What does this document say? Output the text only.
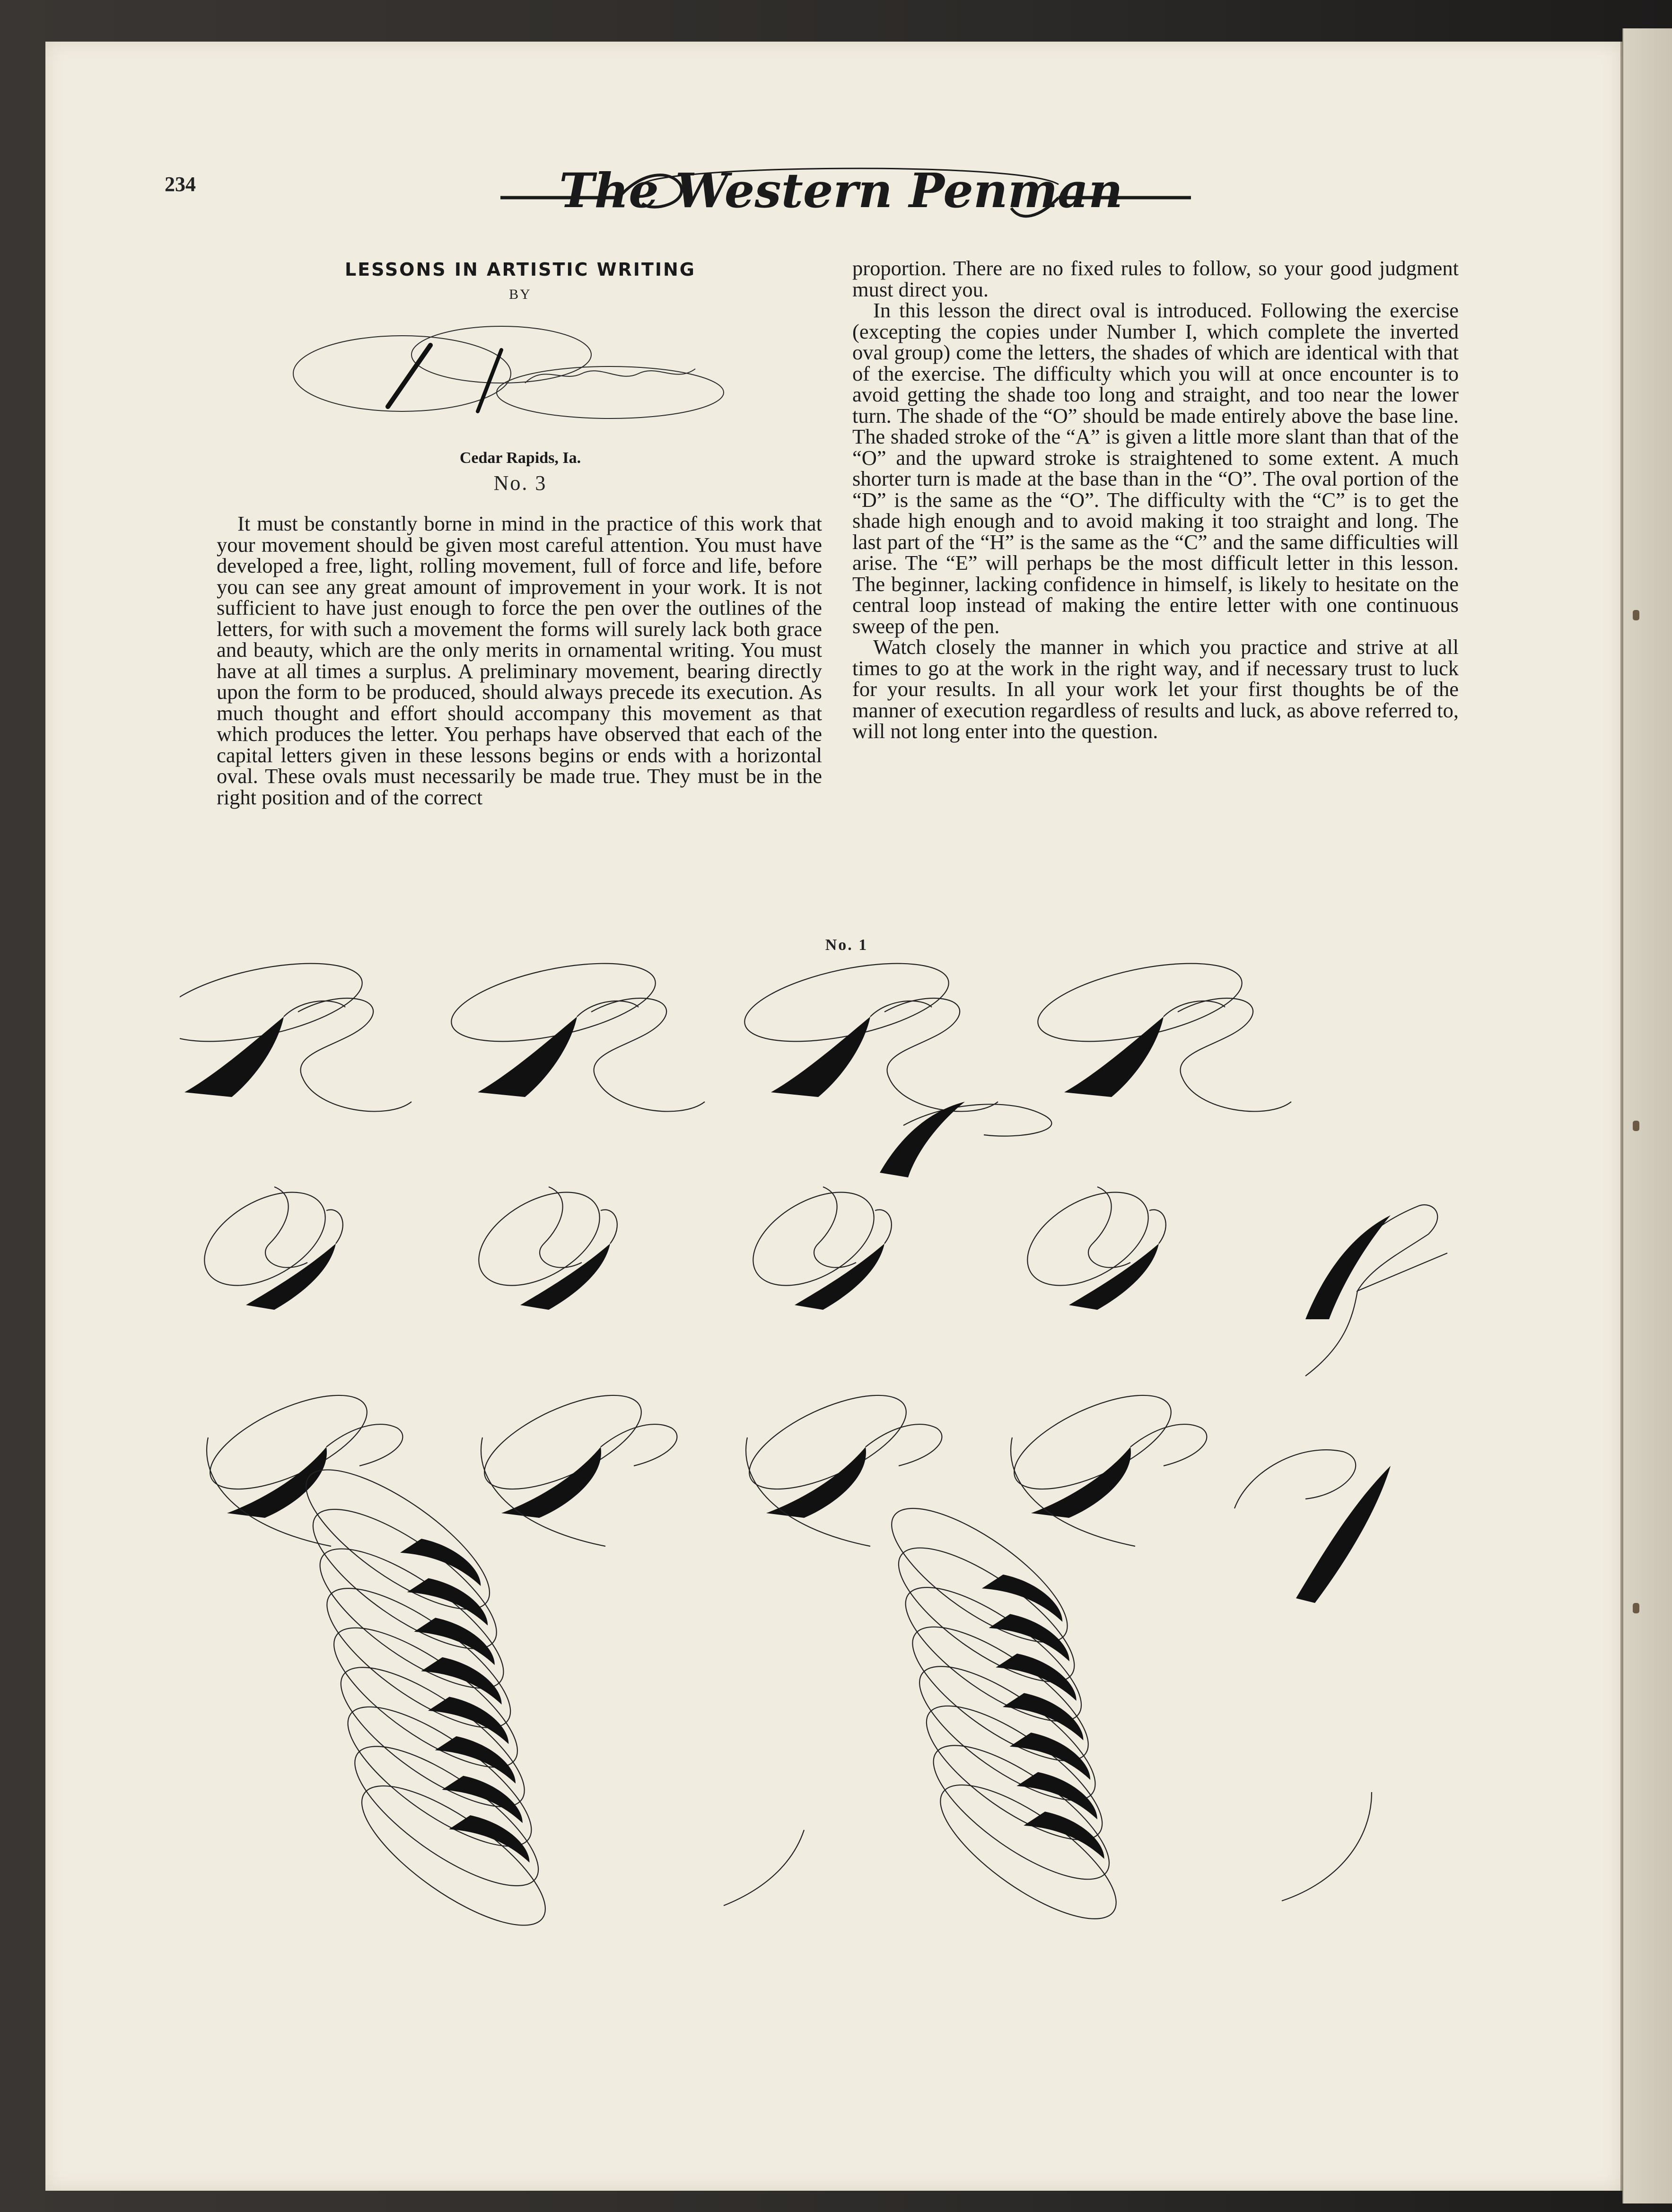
234	The Western Penman
LESSONS IN ARTISTIC WRITING
BY
W. C. Henning
Cedar Rapids, Ia.
No. 3

It must be constantly borne in mind in the practice of this work that your movement should be given most careful attention. You must have developed a free, light, rolling movement, full of force and life, before you can see any great amount of improvement in your work. It is not sufficient to have just enough to force the pen over the outlines of the letters, for with such a movement the forms will surely lack both grace and beauty, which are the only merits in ornamental writing. You must have at all times a surplus. A preliminary movement, bearing directly upon the form to be produced, should always precede its execution. As much thought and effort should accompany this movement as that which produces the letter. You perhaps have observed that each of the capital letters given in these lessons begins or ends with a horizontal oval. These ovals must necessarily be made true. They must be in the right position and of the correct

proportion. There are no fixed rules to follow, so your good judgment must direct you.

In this lesson the direct oval is introduced. Following the exercise (excepting the copies under Number I, which complete the inverted oval group) come the letters, the shades of which are identical with that of the exercise. The difficulty which you will at once encounter is to avoid getting the shade too long and straight, and too near the lower turn. The shade of the “O” should be made entirely above the base line. The shaded stroke of the “A” is given a little more slant than that of the “O” and the upward stroke is straightened to some extent. A much shorter turn is made at the base than in the “O”. The oval portion of the “D” is the same as the “O”. The difficulty with the “C” is to get the shade high enough and to avoid making it too straight and long. The last part of the “H” is the same as the “C” and the same difficulties will arise. The “E” will perhaps be the most difficult letter in this lesson. The beginner, lacking confidence in himself, is likely to hesitate on the central loop instead of making the entire letter with one continuous sweep of the pen.

Watch closely the manner in which you practice and strive at all times to go at the work in the right way, and if necessary trust to luck for your results. In all your work let your first thoughts be of the manner of execution regardless of results and luck, as above referred to, will not long enter into the question.

No. 1
